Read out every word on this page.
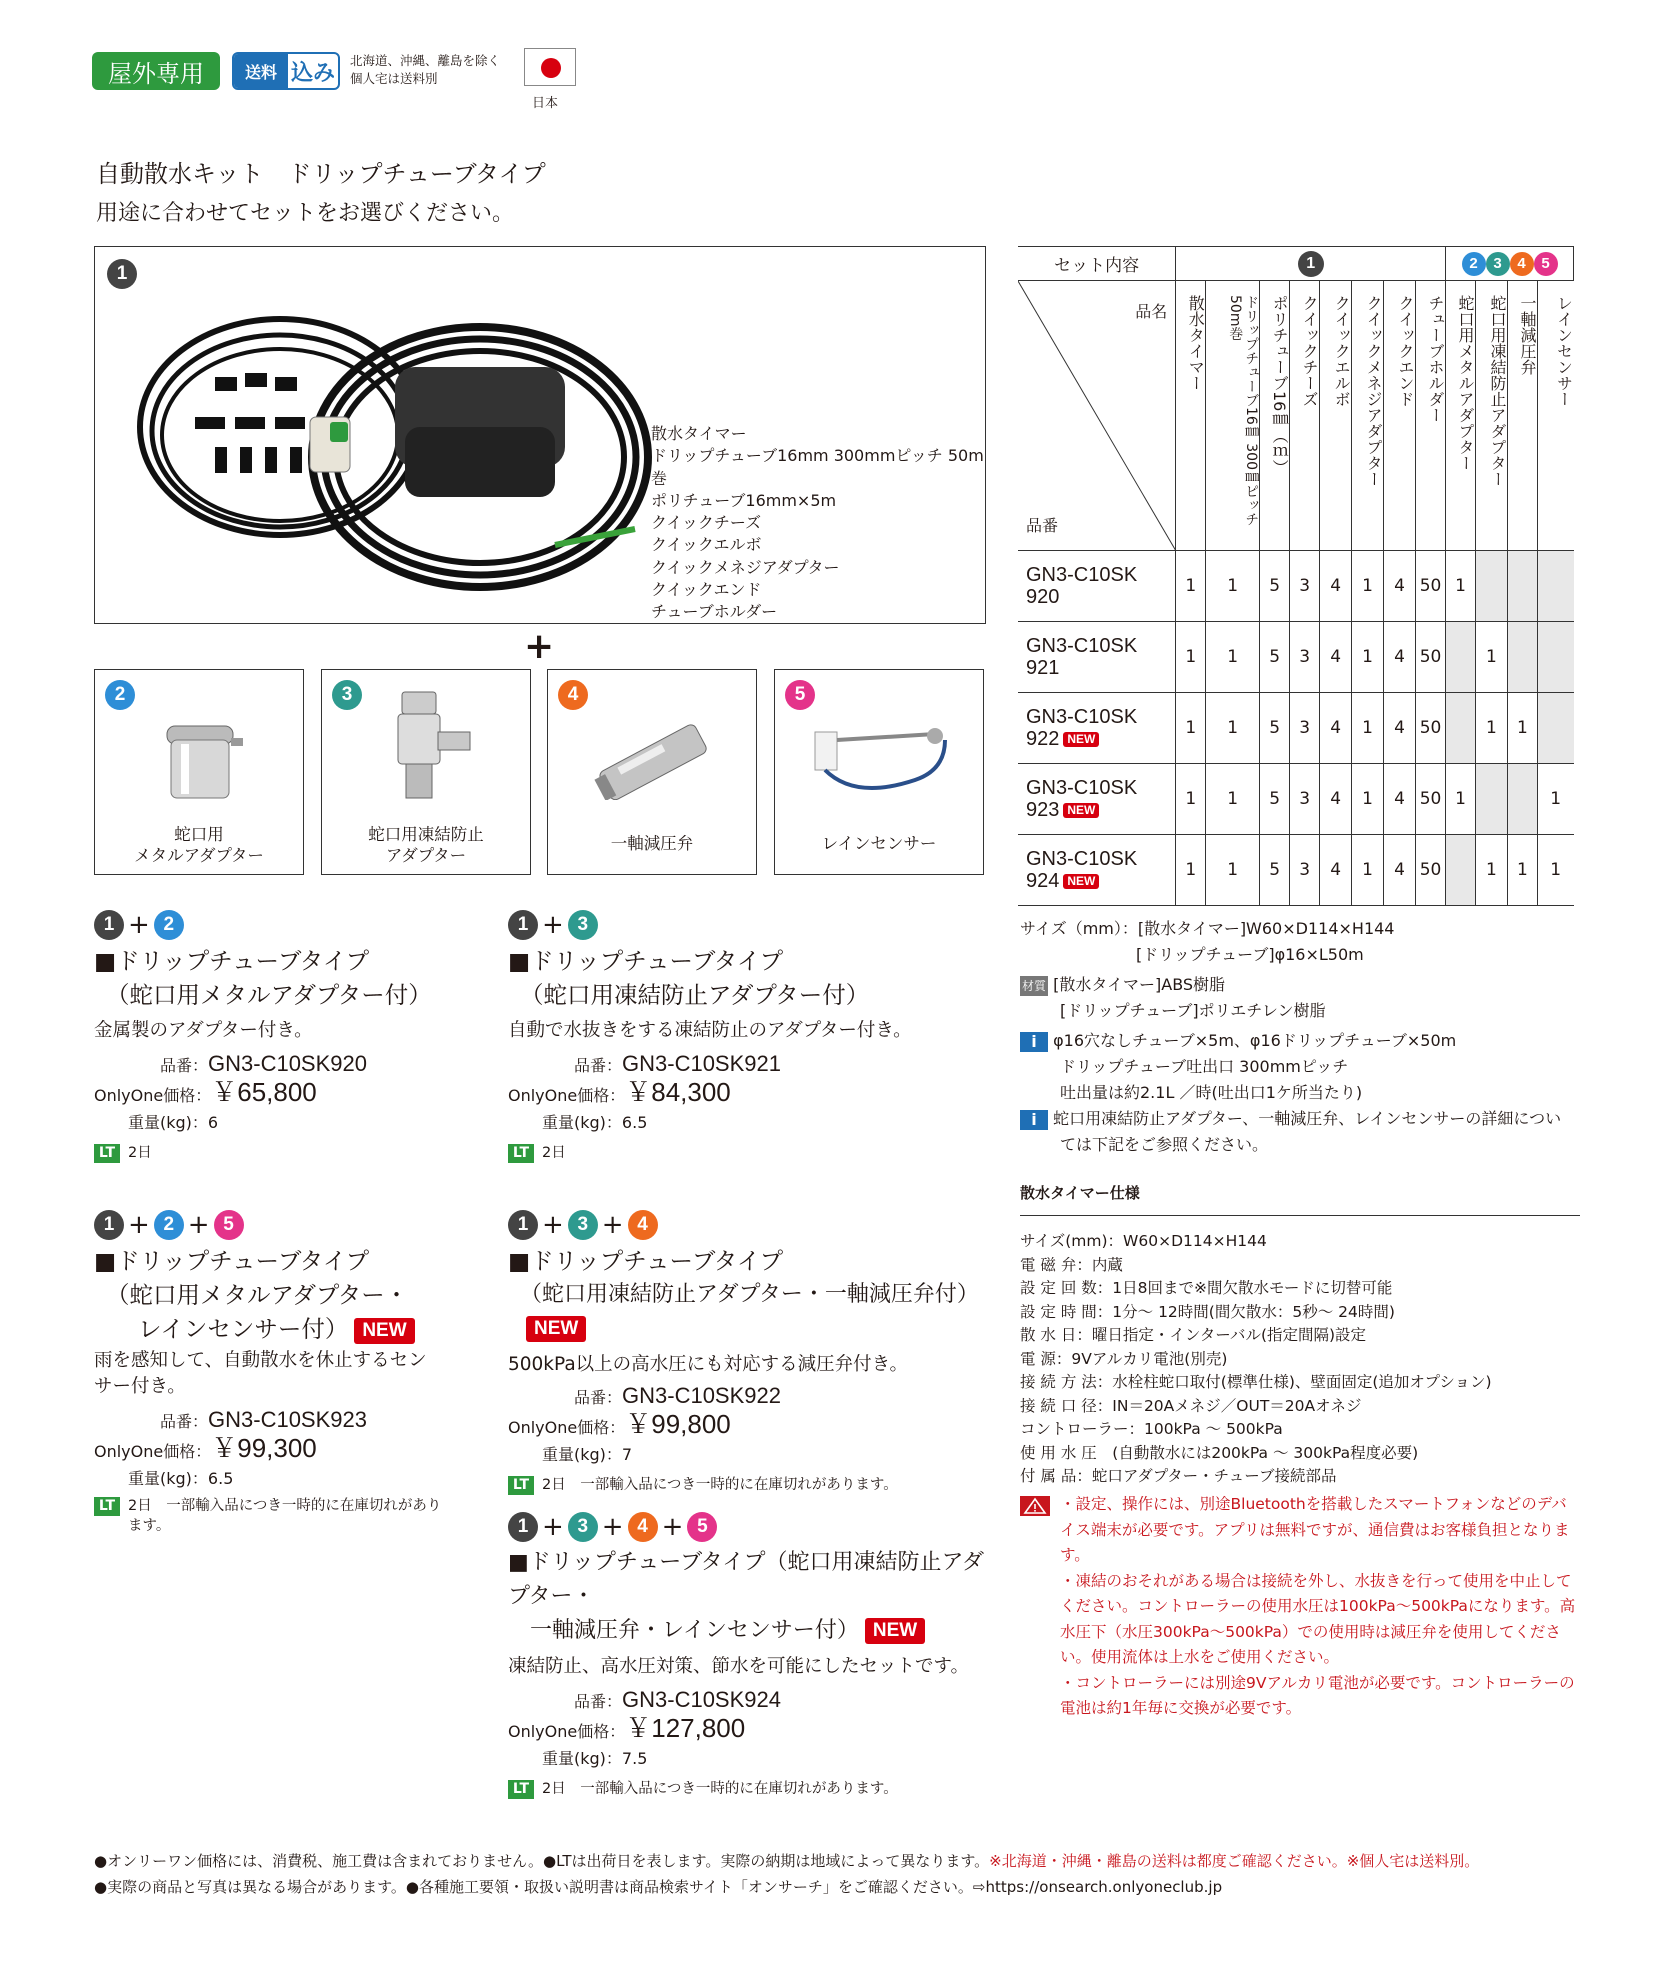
屋外専用	送料 込み 北海道、沖縄、離島を除く
個人宅は送料別
日本
自動散水キット　ドリップチューブタイプ
用途に合わせてセットをお選びください。
1
散水タイマー
ドリップチューブ16mm 300mmピッチ 50m巻
ポリチューブ16mm×5m
クイックチーズ
クイックエルボ
クイックメネジアダプター
クイックエンド
チューブホルダー
+
2
蛇口用
メタルアダプター
3
蛇口用凍結防止
アダプター
4
一軸減圧弁
5
レインセンサー
1 + 2
■ドリップチューブタイプ
（蛇口用メタルアダプター付）
金属製のアダプター付き。
品番：GN3-C10SK920
OnlyOne価格：￥65,800
重量(kg)：6
LT 2日
1 + 3
■ドリップチューブタイプ
（蛇口用凍結防止アダプター付）
自動で水抜きをする凍結防止のアダプター付き。
品番：GN3-C10SK921
OnlyOne価格：￥84,300
重量(kg)：6.5
LT 2日
1 + 2 + 5
■ドリップチューブタイプ
（蛇口用メタルアダプター・
レインセンサー付） NEW
雨を感知して、自動散水を休止するセン
サー付き。
品番：GN3-C10SK923
OnlyOne価格：￥99,300
重量(kg)：6.5
LT 2日　一部輸入品につき一時的に在庫切れがあり
ます。
1 + 3 + 4
■ドリップチューブタイプ
（蛇口用凍結防止アダプター・一軸減圧弁付）NEW
500kPa以上の高水圧にも対応する減圧弁付き。
品番：GN3-C10SK922
OnlyOne価格：￥99,800
重量(kg)：7
LT 2日　一部輸入品につき一時的に在庫切れがあります。
1 + 3 + 4 + 5
■ドリップチューブタイプ（蛇口用凍結防止アダプター・
一軸減圧弁・レインセンサー付） NEW
凍結防止、高水圧対策、節水を可能にしたセットです。
品番：GN3-C10SK924
OnlyOne価格：￥127,800
重量(kg)：7.5
LT 2日　一部輸入品につき一時的に在庫切れがあります。
セット内容	1								2 3 4 5			

品名
品番	散水タイマー	ドリップチューブ16㎜ 300㎜ピッチ 50m巻	ポリチューブ16㎜（ｍ）	クイックチーズ	クイックエルボ	クイックメネジアダプター	クイックエンド	チューブホルダー	蛇口用メタルアダプター	蛇口用凍結防止アダプター	一軸減圧弁	レインセンサー

GN3-C10SK
920	1	1	5	3	4	1	4	50	1			

GN3-C10SK
921	1	1	5	3	4	1	4	50		1		

GN3-C10SK
922 NEW	1	1	5	3	4	1	4	50		1	1	

GN3-C10SK
923 NEW	1	1	5	3	4	1	4	50	1			1

GN3-C10SK
924 NEW	1	1	5	3	4	1	4	50		1	1	1
サイズ（mm）：[散水タイマー]W60×D114×H144
[ドリップチューブ]φ16×L50m
材質 [散水タイマー]ABS樹脂
[ドリップチューブ]ポリエチレン樹脂
i φ16穴なしチューブ×5m、φ16ドリップチューブ×50m
ドリップチューブ吐出口 300mmピッチ
吐出量は約2.1L ／時(吐出口1ケ所当たり)
i 蛇口用凍結防止アダプター、一軸減圧弁、レインセンサーの詳細につい
ては下記をご参照ください。
散水タイマー仕様
サイズ(mm)：W60×D114×H144
電 磁 弁：内蔵
設 定 回 数：1日8回まで※間欠散水モードに切替可能
設 定 時 間：1分～ 12時間(間欠散水：5秒～ 24時間)
散 水 日：曜日指定・インターバル(指定間隔)設定
電 源：9Vアルカリ電池(別売)
接 続 方 法：水栓柱蛇口取付(標準仕様)、壁面固定(追加オプション)
接 続 口 径：IN＝20Aメネジ／OUT＝20Aオネジ
コントローラー：100kPa ～ 500kPa
使 用 水 圧　(自動散水には200kPa ～ 300kPa程度必要)
付 属 品：蛇口アダプター・チューブ接続部品
・設定、操作には、別途Bluetoothを搭載したスマートフォンなどのデバイス端末が必要です。アプリは無料ですが、通信費はお客様負担となります。
・凍結のおそれがある場合は接続を外し、水抜きを行って使用を中止してください。コントローラーの使用水圧は100kPa～500kPaになります。高水圧下（水圧300kPa～500kPa）での使用時は減圧弁を使用してください。使用流体は上水をご使用ください。
・コントローラーには別途9Vアルカリ電池が必要です。コントローラーの電池は約1年毎に交換が必要です。
●オンリーワン価格には、消費税、施工費は含まれておりません。●LTは出荷日を表します。実際の納期は地域によって異なります。※北海道・沖縄・離島の送料は都度ご確認ください。※個人宅は送料別。
●実際の商品と写真は異なる場合があります。●各種施工要領・取扱い説明書は商品検索サイト「オンサーチ」をご確認ください。⇨https://onsearch.onlyoneclub.jp
